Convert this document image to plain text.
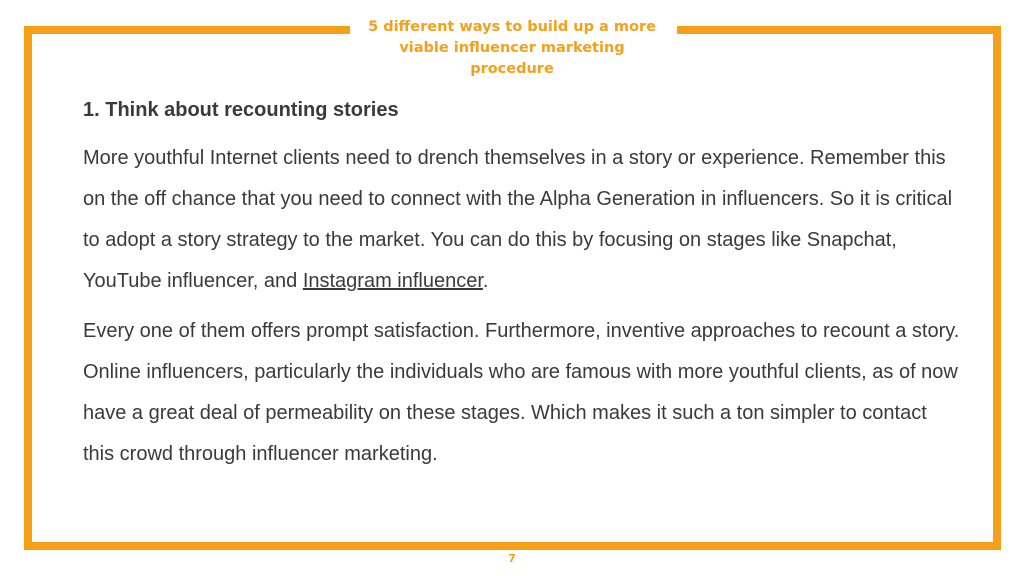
5 different ways to build up a more viable influencer marketing procedure
1. Think about recounting stories

More youthful Internet clients need to drench themselves in a story or experience. Remember this on the off chance that you need to connect with the Alpha Generation in influencers. So it is critical to adopt a story strategy to the market. You can do this by focusing on stages like Snapchat, YouTube influencer, and Instagram influencer.

Every one of them offers prompt satisfaction. Furthermore, inventive approaches to recount a story. Online influencers, particularly the individuals who are famous with more youthful clients, as of now have a great deal of permeability on these stages. Which makes it such a ton simpler to contact this crowd through influencer marketing.

7
